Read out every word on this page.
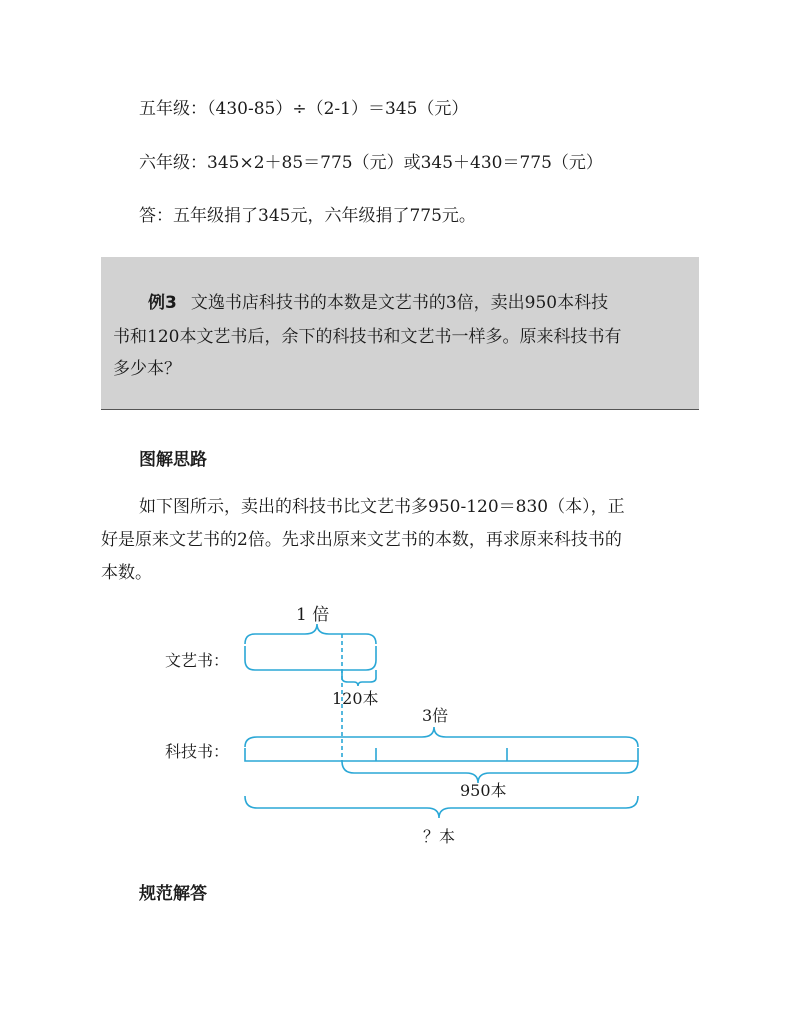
五年级：（430-85）÷（2-1）＝345（元）
六年级：345×2＋85＝775（元）或345＋430＝775（元）
答：五年级捐了345元，六年级捐了775元。
例3 文逸书店科技书的本数是文艺书的3倍，卖出950本科技
书和120本文艺书后，余下的科技书和文艺书一样多。原来科技书有
多少本？
图解思路
如下图所示，卖出的科技书比文艺书多950-120＝830（本），正
好是原来文艺书的2倍。先求出原来文艺书的本数，再求原来科技书的
本数。
1 倍
文艺书：
120本
3倍
科技书：
950本
？本
规范解答
